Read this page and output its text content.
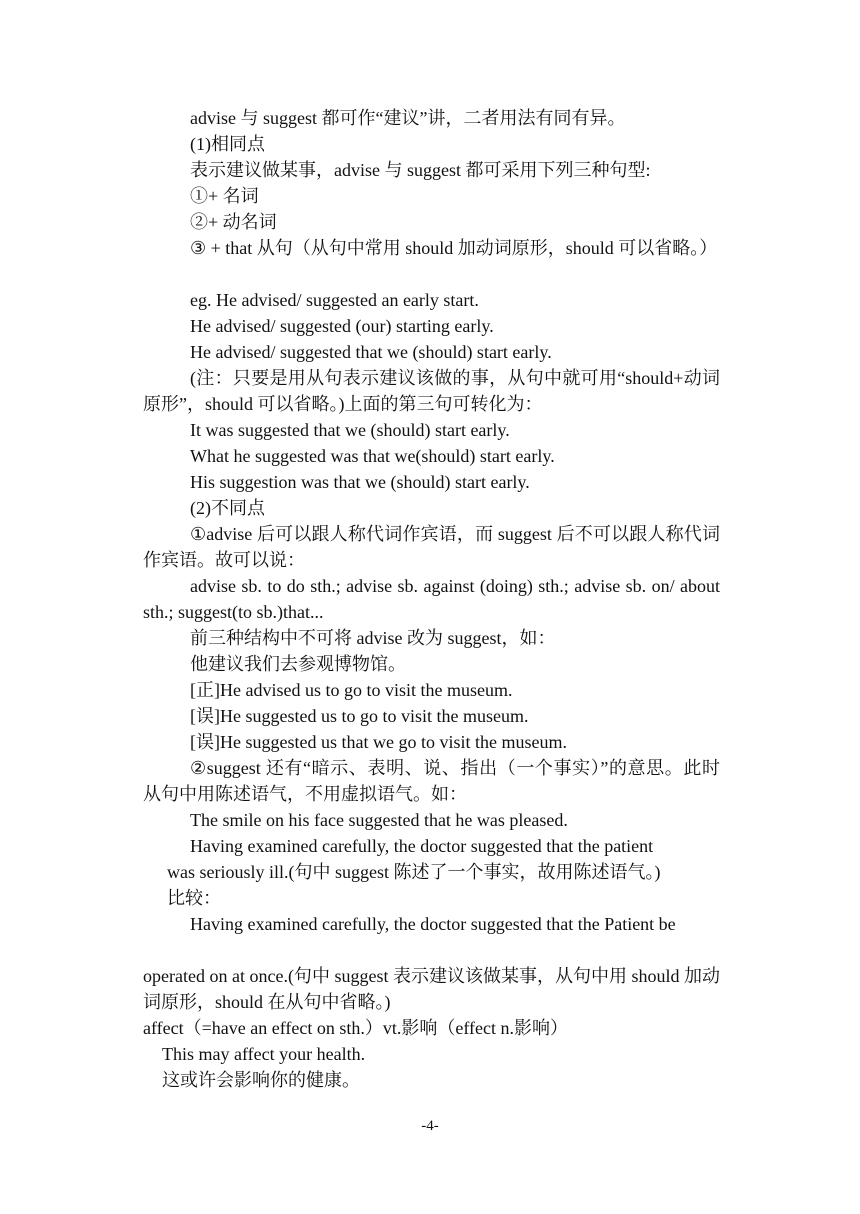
advise 与 suggest 都可作“建议”讲，二者用法有同有异。
(1)相同点
表示建议做某事，advise 与 suggest 都可采用下列三种句型:
①+ 名词
②+ 动名词
③ + that 从句（从句中常用 should 加动词原形，should 可以省略。）
eg. He advised/ suggested an early start.
He advised/ suggested (our) starting early.
He advised/ suggested that we (should) start early.
(注：只要是用从句表示建议该做的事，从句中就可用“should+动词原形”，should 可以省略。)上面的第三句可转化为：
It was suggested that we (should) start early.
What he suggested was that we(should) start early.
His suggestion was that we (should) start early.
(2)不同点
①advise 后可以跟人称代词作宾语，而 suggest 后不可以跟人称代词作宾语。故可以说：
advise sb. to do sth.; advise sb. against (doing) sth.; advise sb. on/ about sth.; suggest(to sb.)that...
前三种结构中不可将 advise 改为 suggest，如：
他建议我们去参观博物馆。
[正]He advised us to go to visit the museum.
[误]He suggested us to go to visit the museum.
[误]He suggested us that we go to visit the museum.
②suggest 还有“暗示、表明、说、指出（一个事实）”的意思。此时从句中用陈述语气，不用虚拟语气。如：
The smile on his face suggested that he was pleased.
Having examined carefully, the doctor suggested that the patient
was seriously ill.(句中 suggest 陈述了一个事实，故用陈述语气。)
比较：
Having examined carefully, the doctor suggested that the Patient be
operated on at once.(句中 suggest 表示建议该做某事，从句中用 should 加动词原形，should 在从句中省略。)
affect（=have an effect on sth.）vt.影响（effect n.影响）
This may affect your health.
这或许会影响你的健康。
-4-
